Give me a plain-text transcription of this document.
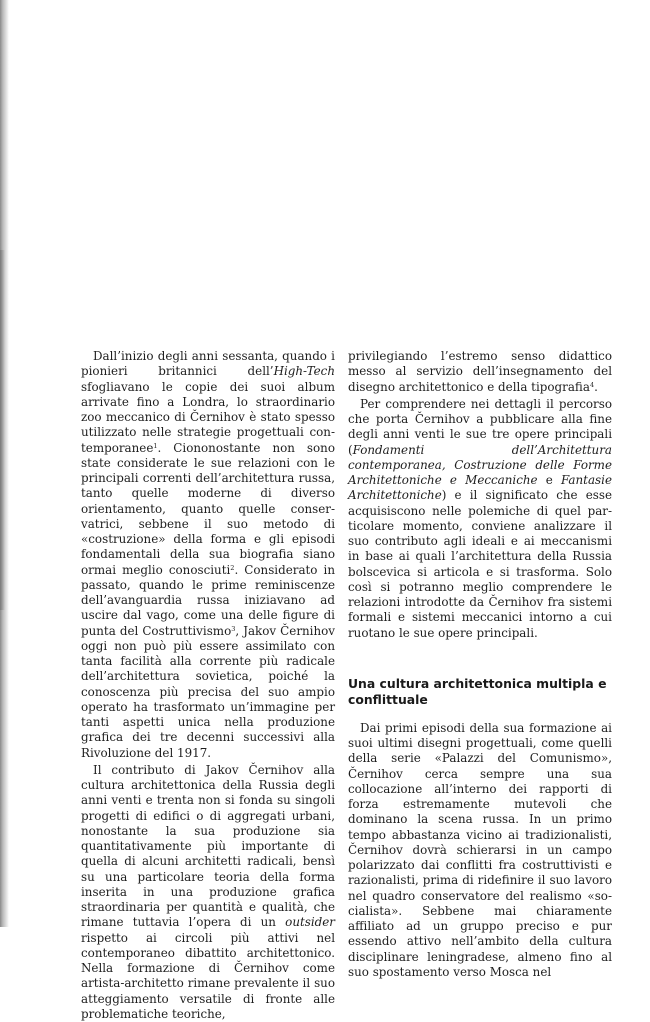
Dall’inizio degli anni sessanta, quando i pionieri britannici dell’High-Tech sfogliavano le copie dei suoi album arrivate fino a Londra, lo straordinario zoo meccanico di Černihov è stato spesso utilizzato nelle strategie progettuali contemporanee$^1$. Ciononostante non sono state considerate le sue relazioni con le principali correnti dell’architettura russa, tanto quelle moderne di diverso orientamento, quanto quelle conservatrici, sebbene il suo metodo di «costruzione» della forma e gli episodi fondamentali della sua biografia siano ormai meglio conosciuti$^2$. Considerato in passato, quando le prime reminiscenze dell’avanguardia russa iniziavano ad uscire dal vago, come una delle figure di punta del Costruttivismo$^3$, Jakov Černihov oggi non può più essere assimilato con tanta facilità alla corrente più radicale dell’architettura sovietica, poiché la conoscenza più precisa del suo ampio operato ha trasformato un’immagine per tanti aspetti unica nella produzione grafica dei tre decenni successivi alla Rivoluzione del 1917.

Il contributo di Jakov Černihov alla cultura architettonica della Russia degli anni venti e trenta non si fonda su singoli progetti di edifici o di aggregati urbani, nonostante la sua produzione sia quantitativamente più importante di quella di alcuni architetti radicali, bensì su una particolare teoria della forma inserita in una produzione grafica straordinaria per quantità e qualità, che rimane tuttavia l’opera di un outsider rispetto ai circoli più attivi nel contemporaneo dibattito architettonico. Nella formazione di Černihov come artista-architetto rimane prevalente il suo atteggiamento versatile di fronte alle problematiche teoriche,

privilegiando l’estremo senso didattico messo al servizio dell’insegnamento del disegno architettonico e della tipografia$^4$.

Per comprendere nei dettagli il percorso che porta Černihov a pubblicare alla fine degli anni venti le sue tre opere principali (Fondamenti dell’Architettura contemporanea, Costruzione delle Forme Architettoniche e Meccaniche e Fantasie Architettoniche) e il significato che esse acquisiscono nelle polemiche di quel particolare momento, conviene analizzare il suo contributo agli ideali e ai meccanismi in base ai quali l’architettura della Russia bolscevica si articola e si trasforma. Solo così si potranno meglio comprendere le relazioni introdotte da Černihov fra sistemi formali e sistemi meccanici intorno a cui ruotano le sue opere principali.

Una cultura architettonica multipla e conflittuale

Dai primi episodi della sua formazione ai suoi ultimi disegni progettuali, come quelli della serie «Palazzi del Comunismo», Černihov cerca sempre una sua collocazione all’interno dei rapporti di forza estremamente mutevoli che dominano la scena russa. In un primo tempo abbastanza vicino ai tradizionalisti, Černihov dovrà schierarsi in un campo polarizzato dai conflitti fra costruttivisti e razionalisti, prima di ridefinire il suo lavoro nel quadro conservatore del realismo «socialista». Sebbene mai chiaramente affiliato ad un gruppo preciso e pur essendo attivo nell’ambito della cultura disciplinare leningradese, almeno fino al suo spostamento verso Mosca nel
